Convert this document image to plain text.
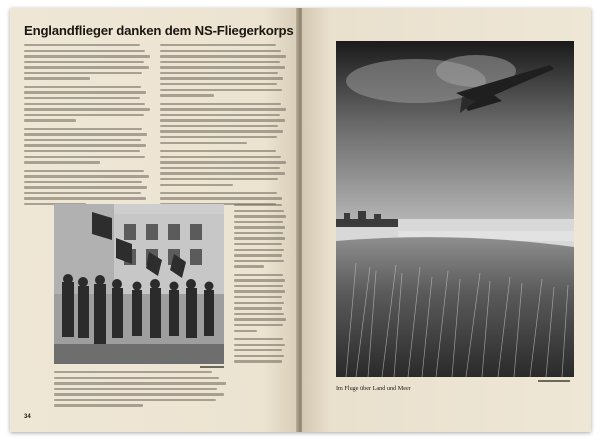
Englandflieger danken dem NS-Fliegerkorps
34

Im Fluge über Land und Meer
